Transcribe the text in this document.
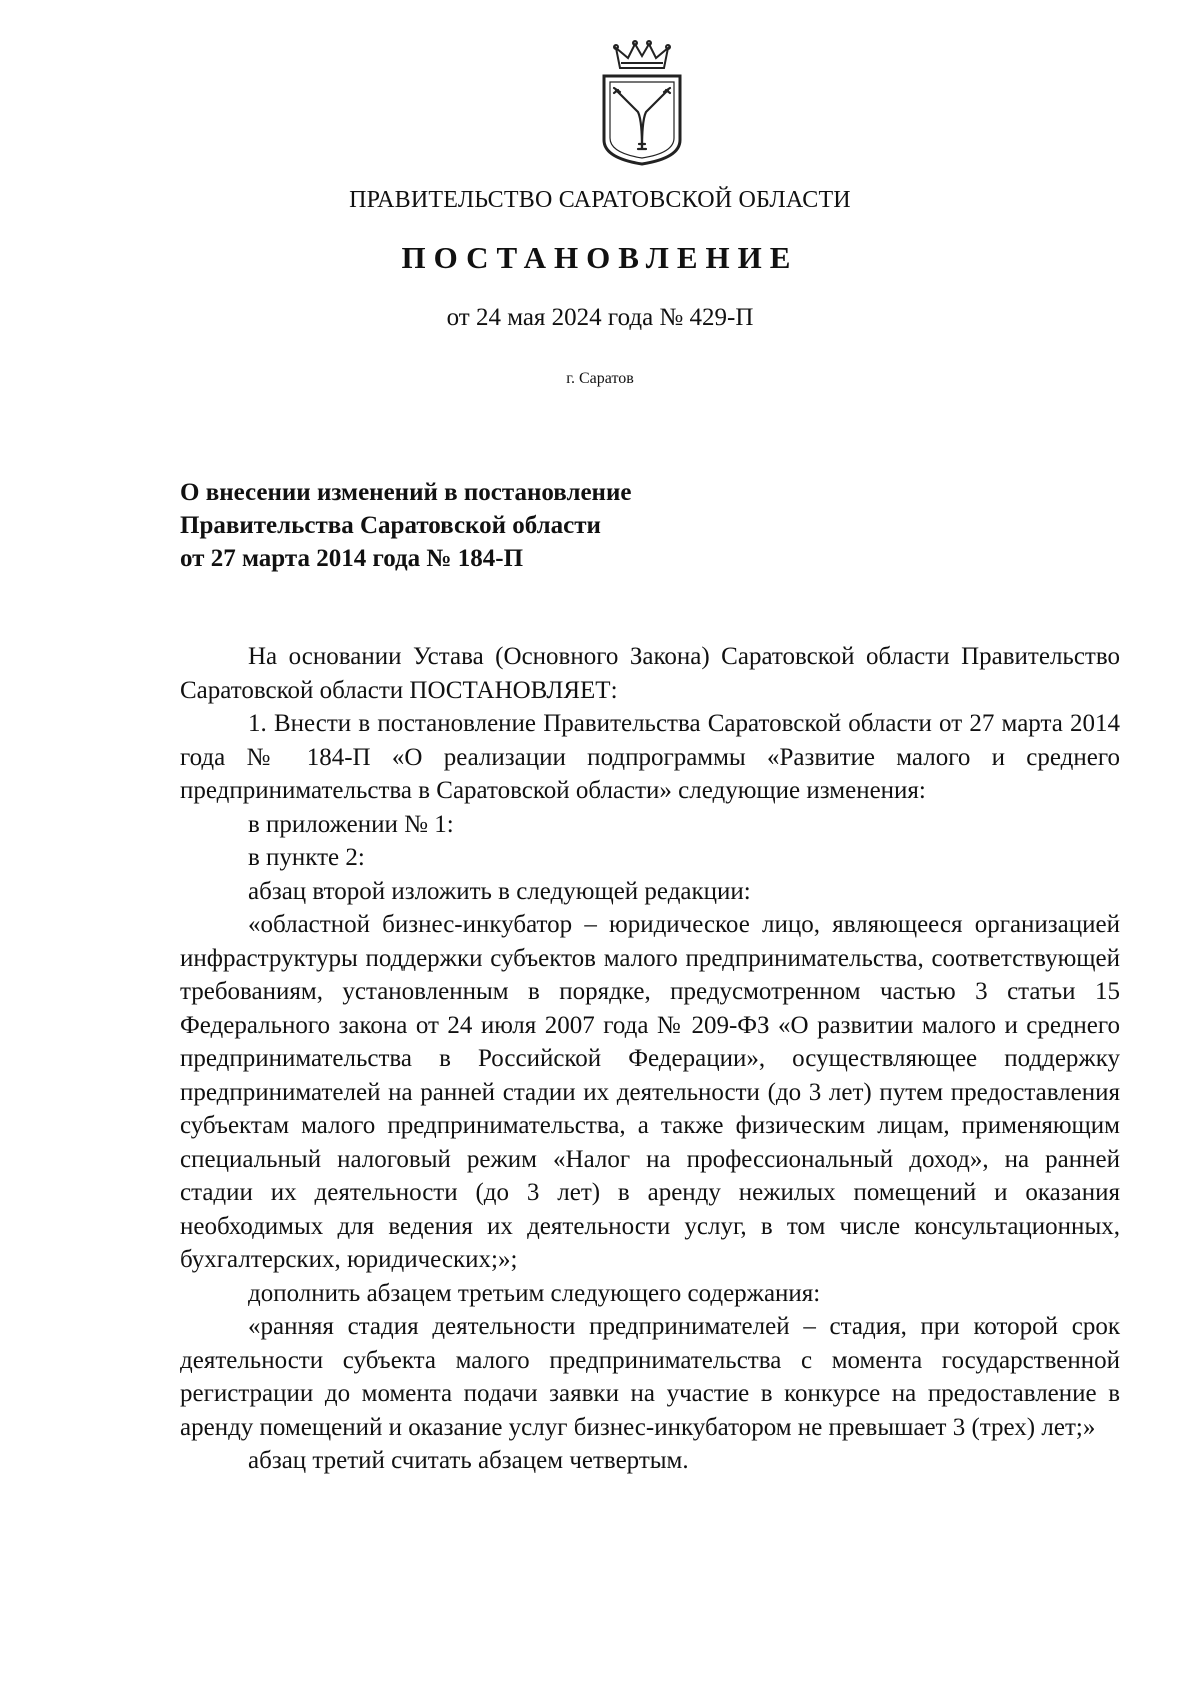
ПРАВИТЕЛЬСТВО САРАТОВСКОЙ ОБЛАСТИ
ПОСТАНОВЛЕНИЕ
от 24 мая 2024 года № 429-П
г. Саратов
О внесении изменений в постановление
Правительства Саратовской области
от 27 марта 2014 года № 184-П

На основании Устава (Основного Закона) Саратовской области Правительство Саратовской области ПОСТАНОВЛЯЕТ:

1. Внести в постановление Правительства Саратовской области от 27 марта 2014 года № 184-П «О реализации подпрограммы «Развитие малого и среднего предпринимательства в Саратовской области» следующие изменения:

в приложении № 1:

в пункте 2:

абзац второй изложить в следующей редакции:

«областной бизнес-инкубатор – юридическое лицо, являющееся организацией инфраструктуры поддержки субъектов малого предпринимательства, соответствующей требованиям, установленным в порядке, предусмотренном частью 3 статьи 15 Федерального закона от 24 июля 2007 года № 209-ФЗ «О развитии малого и среднего предпринимательства в Российской Федерации», осуществляющее поддержку предпринимателей на ранней стадии их деятельности (до 3 лет) путем предоставления субъектам малого предпринимательства, а также физическим лицам, применяющим специальный налоговый режим «Налог на профессиональный доход», на ранней стадии их деятельности (до 3 лет) в аренду нежилых помещений и оказания необходимых для ведения их деятельности услуг, в том числе консультационных, бухгалтерских, юридических;»;

дополнить абзацем третьим следующего содержания:

«ранняя стадия деятельности предпринимателей – стадия, при которой срок деятельности субъекта малого предпринимательства с момента государственной регистрации до момента подачи заявки на участие в конкурсе на предоставление в аренду помещений и оказание услуг бизнес-инкубатором не превышает 3 (трех) лет;»

абзац третий считать абзацем четвертым.
